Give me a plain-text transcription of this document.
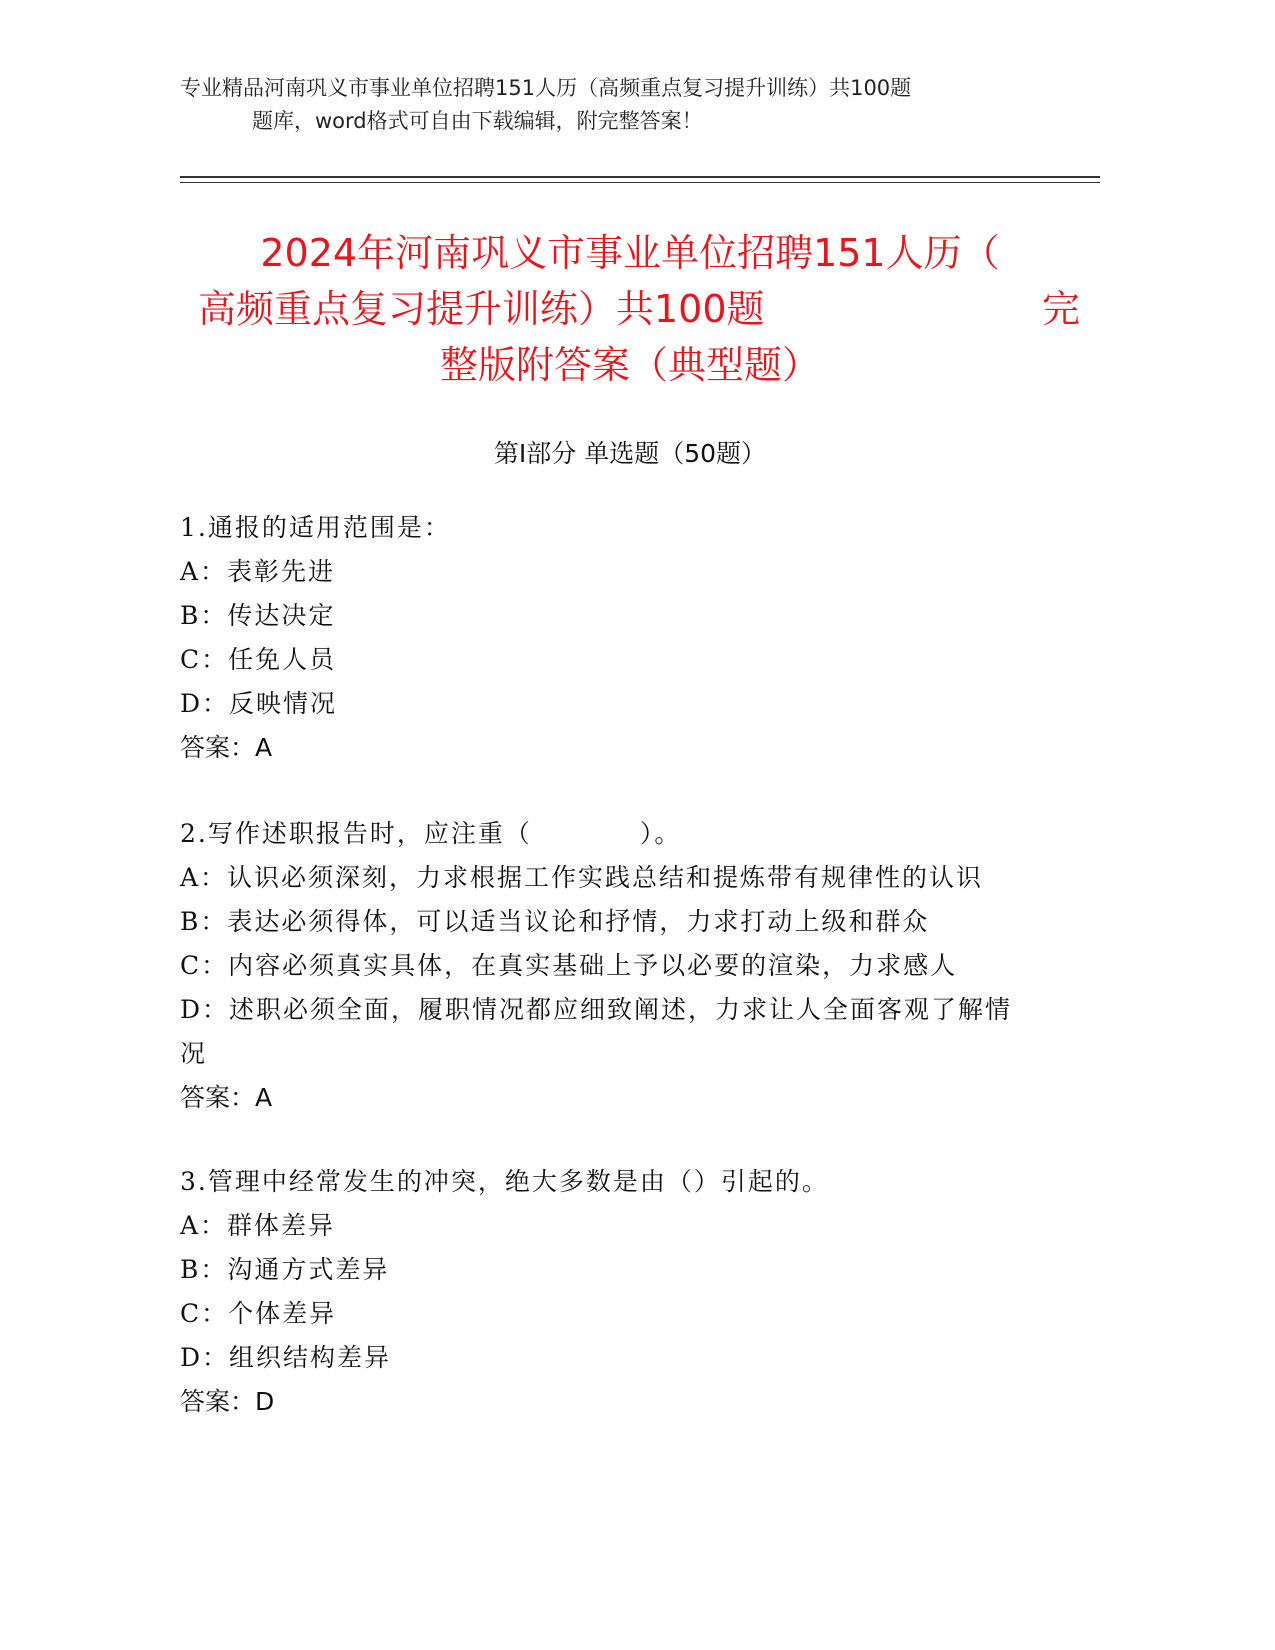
专业精品河南巩义市事业单位招聘151人历（高频重点复习提升训练）共100题
题库，word格式可自由下载编辑，附完整答案！
2024年河南巩义市事业单位招聘151人历（
高频重点复习提升训练）共100题	完
整版附答案（典型题）
第Ⅰ部分 单选题（50题）
1.通报的适用范围是：
A：表彰先进
B：传达决定
C：任免人员
D：反映情况
答案：A
2.写作述职报告时，应注重（　　　　）。
A：认识必须深刻，力求根据工作实践总结和提炼带有规律性的认识
B：表达必须得体，可以适当议论和抒情，力求打动上级和群众
C：内容必须真实具体，在真实基础上予以必要的渲染，力求感人
D：述职必须全面，履职情况都应细致阐述，力求让人全面客观了解情况
答案：A
3.管理中经常发生的冲突，绝大多数是由（）引起的。
A：群体差异
B：沟通方式差异
C：个体差异
D：组织结构差异
答案：D
